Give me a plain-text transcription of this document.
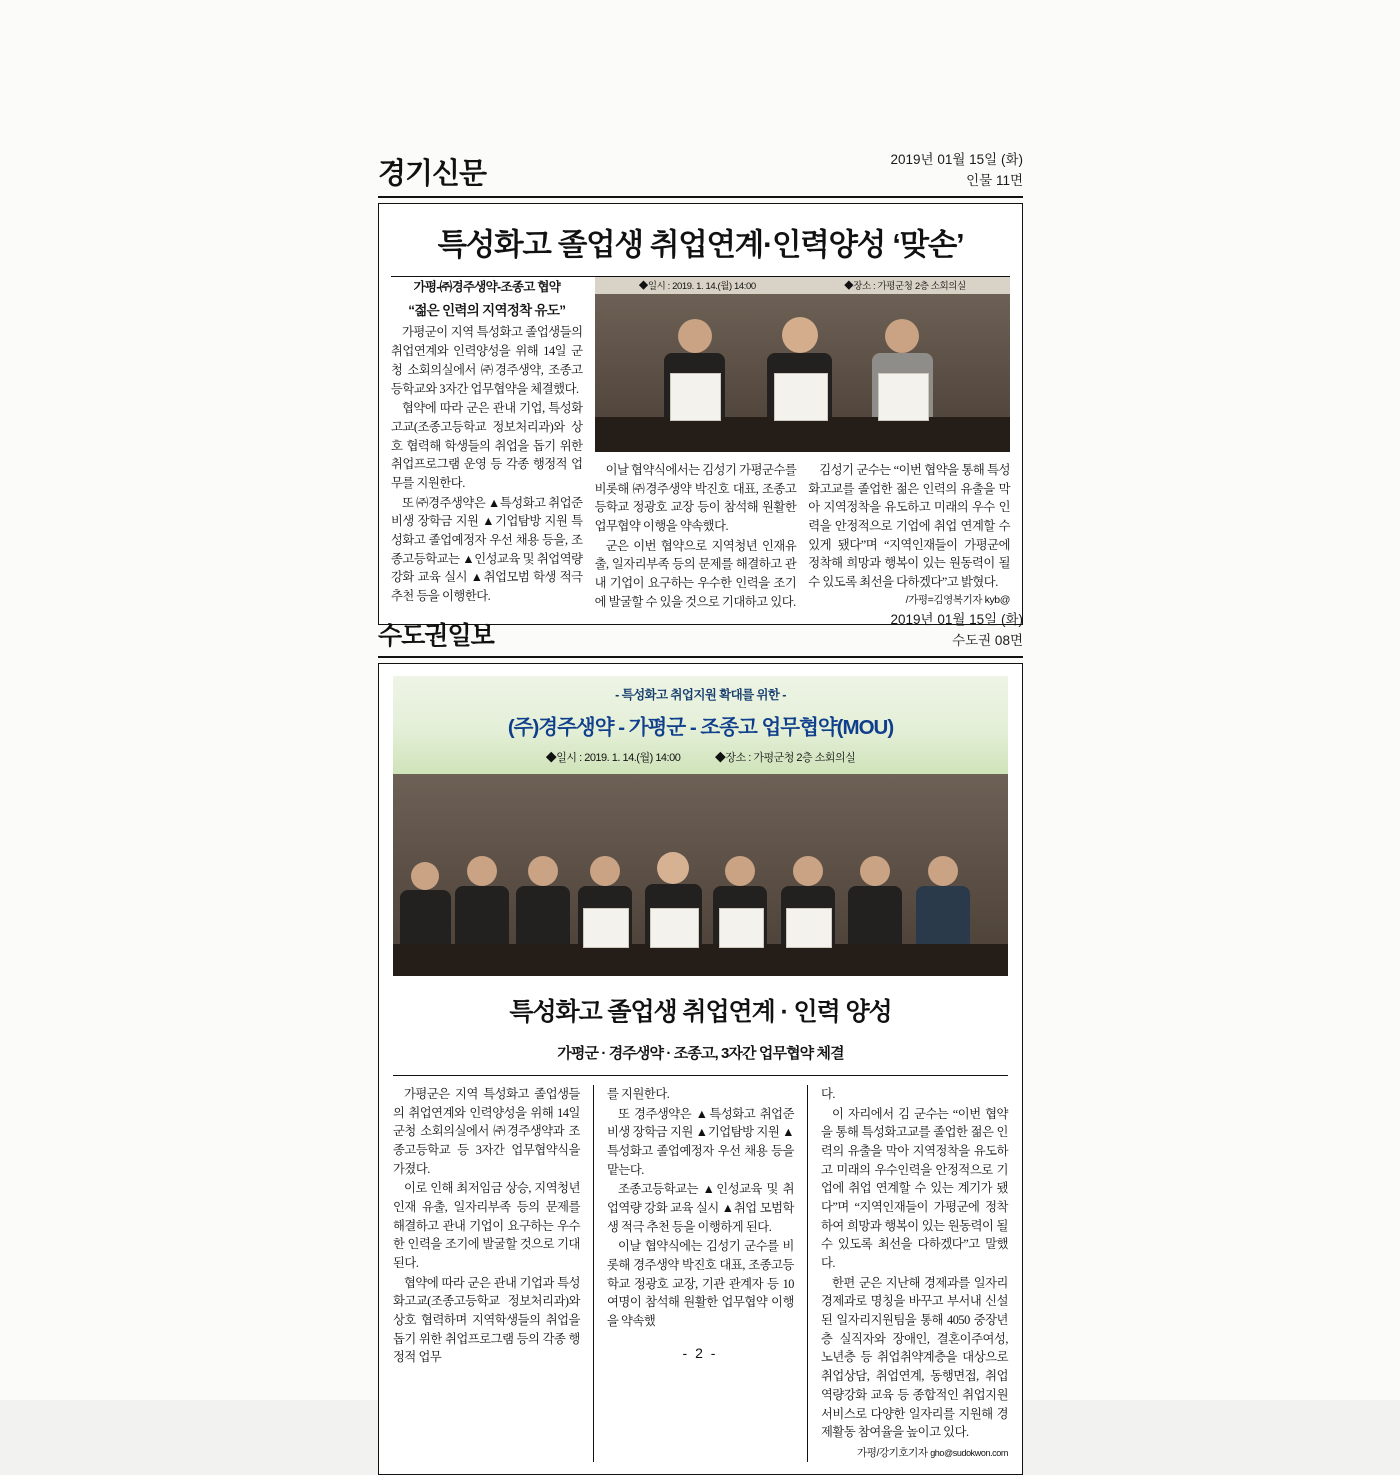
경기신문	2019년 01월 15일 (화)
인물 11면
특성화고 졸업생 취업연계·인력양성 ‘맞손’
가평-㈜경주생약-조종고 협약
“젊은 인력의 지역정착 유도”

가평군이 지역 특성화고 졸업생들의 취업연계와 인력양성을 위해 14일 군청 소회의실에서 ㈜경주생약, 조종고등학교와 3자간 업무협약을 체결했다.

협약에 따라 군은 관내 기업, 특성화고교(조종고등학교 정보처리과)와 상호 협력해 학생들의 취업을 돕기 위한 취업프로그램 운영 등 각종 행정적 업무를 지원한다.

또 ㈜경주생약은 ▲특성화고 취업준비생 장학금 지원 ▲기업탐방 지원 특성화고 졸업예정자 우선 채용 등을, 조종고등학교는 ▲인성교육 및 취업역량 강화 교육 실시 ▲취업모범 학생 적극 추천 등을 이행한다.

◆일시 : 2019. 1. 14.(월) 14:00	◆장소 : 가평군청 2층 소회의실

이날 협약식에서는 김성기 가평군수를 비롯해 ㈜경주생약 박진호 대표, 조종고등학교 정광호 교장 등이 참석해 원활한 업무협약 이행을 약속했다.

군은 이번 협약으로 지역청년 인재유출, 일자리부족 등의 문제를 해결하고 관내 기업이 요구하는 우수한 인력을 조기에 발굴할 수 있을 것으로 기대하고 있다.

김성기 군수는 “이번 협약을 통해 특성화고교를 졸업한 젊은 인력의 유출을 막아 지역정착을 유도하고 미래의 우수 인력을 안정적으로 기업에 취업 연계할 수 있게 됐다”며 “지역인재들이 가평군에 정착해 희망과 행복이 있는 원동력이 될 수 있도록 최선을 다하겠다”고 밝혔다.

/가평=김영복기자 kyb@
수도권일보
2019년 01월 15일 (화)
수도권 08면
- 특성화고 취업지원 확대를 위한 -
(주)경주생약 - 가평군 - 조종고 업무협약(MOU)
◆일시 : 2019. 1. 14.(월) 14:00	◆장소 : 가평군청 2층 소회의실
특성화고 졸업생 취업연계 · 인력 양성
가평군 · 경주생약 · 조종고, 3자간 업무협약 체결

가평군은 지역 특성화고 졸업생들의 취업연계와 인력양성을 위해 14일 군청 소회의실에서 ㈜경주생약과 조종고등학교 등 3자간 업무협약식을 가졌다.

이로 인해 최저임금 상승, 지역청년 인재 유출, 일자리부족 등의 문제를 해결하고 관내 기업이 요구하는 우수한 인력을 조기에 발굴할 것으로 기대된다.

협약에 따라 군은 관내 기업과 특성화고교(조종고등학교 정보처리과)와 상호 협력하며 지역학생들의 취업을 돕기 위한 취업프로그램 등의 각종 행정적 업무

를 지원한다.

또 경주생약은 ▲특성화고 취업준비생 장학금 지원 ▲기업탐방 지원 ▲특성화고 졸업예정자 우선 채용 등을 맡는다.

조종고등학교는 ▲인성교육 및 취업역량 강화 교육 실시 ▲취업 모범학생 적극 추천 등을 이행하게 된다.

이날 협약식에는 김성기 군수를 비롯해 경주생약 박진호 대표, 조종고등학교 정광호 교장, 기관 관계자 등 10여명이 참석해 원활한 업무협약 이행을 약속했

다.

이 자리에서 김 군수는 “이번 협약을 통해 특성화고교를 졸업한 젊은 인력의 유출을 막아 지역정착을 유도하고 미래의 우수인력을 안정적으로 기업에 취업 연계할 수 있는 계기가 됐다”며 “지역인재들이 가평군에 정착하여 희망과 행복이 있는 원동력이 될 수 있도록 최선을 다하겠다”고 말했다.

한편 군은 지난해 경제과를 일자리경제과로 명칭을 바꾸고 부서내 신설된 일자리지원팀을 통해 4050 중장년층 실직자와 장애인, 결혼이주여성, 노년층 등 취업취약계층을 대상으로 취업상담, 취업연계, 동행면접, 취업역량강화 교육 등 종합적인 취업지원서비스로 다양한 일자리를 지원해 경제활동 참여율을 높이고 있다.

가평/강기호기자 gho@sudokwon.com
- 2 -
